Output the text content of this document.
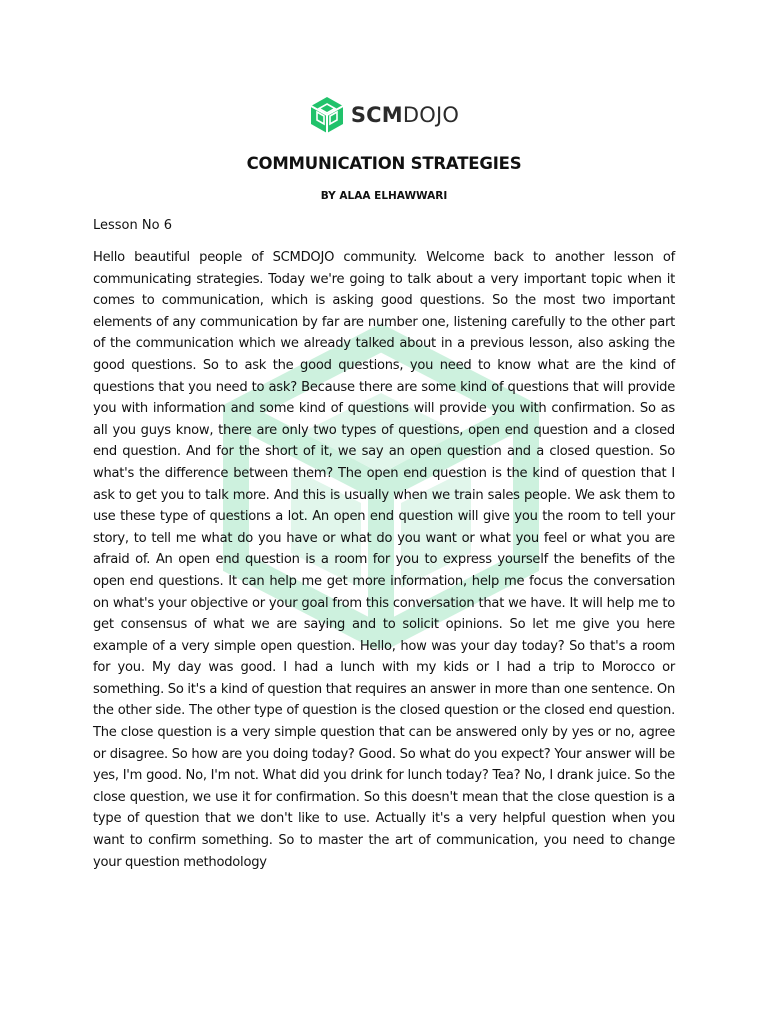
SCMDOJO
COMMUNICATION STRATEGIES

BY ALAA ELHAWWARI

Lesson No 6

Hello beautiful people of SCMDOJO community. Welcome back to another lesson of communicating strategies. Today we're going to talk about a very important topic when it comes to communication, which is asking good questions. So the most two important elements of any communication by far are number one, listening carefully to the other part of the communication which we already talked about in a previous lesson, also asking the good questions. So to ask the good questions, you need to know what are the kind of questions that you need to ask? Because there are some kind of questions that will provide you with information and some kind of questions will provide you with confirmation. So as all you guys know, there are only two types of questions, open end question and a closed end question. And for the short of it, we say an open question and a closed question. So what's the difference between them? The open end question is the kind of question that I ask to get you to talk more. And this is usually when we train sales people. We ask them to use these type of questions a lot. An open end question will give you the room to tell your story, to tell me what do you have or what do you want or what you feel or what you are afraid of. An open end question is a room for you to express yourself the benefits of the open end questions. It can help me get more information, help me focus the conversation on what's your objective or your goal from this conversation that we have. It will help me to get consensus of what we are saying and to solicit opinions. So let me give you here example of a very simple open question. Hello, how was your day today? So that's a room for you. My day was good. I had a lunch with my kids or I had a trip to Morocco or something. So it's a kind of question that requires an answer in more than one sentence. On the other side. The other type of question is the closed question or the closed end question. The close question is a very simple question that can be answered only by yes or no, agree or disagree. So how are you doing today? Good. So what do you expect? Your answer will be yes, I'm good. No, I'm not. What did you drink for lunch today? Tea? No, I drank juice. So the close question, we use it for confirmation. So this doesn't mean that the close question is a type of question that we don't like to use. Actually it's a very helpful question when you want to confirm something. So to master the art of communication, you need to change your question methodology
